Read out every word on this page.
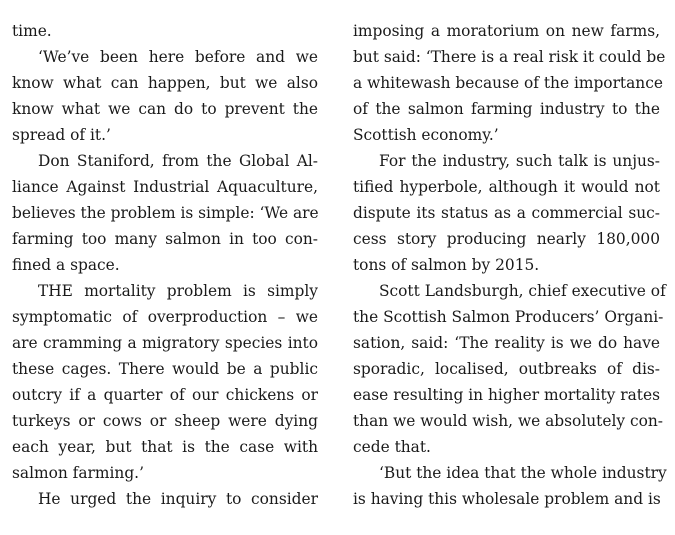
time.
‘We’ve been here before and we
know what can happen, but we also
know what we can do to prevent the
spread of it.’
Don Staniford, from the Global Al-
liance Against Industrial Aquaculture,
believes the problem is simple: ‘We are
farming too many salmon in too con-
fined a space.
THE mortality problem is simply
symptomatic of overproduction – we
are cramming a migratory species into
these cages. There would be a public
outcry if a quarter of our chickens or
turkeys or cows or sheep were dying
each year, but that is the case with
salmon farming.’
He urged the inquiry to consider
imposing a moratorium on new farms,
but said: ‘There is a real risk it could be
a whitewash because of the importance
of the salmon farming industry to the
Scottish economy.’
For the industry, such talk is unjus-
tified hyperbole, although it would not
dispute its status as a commercial suc-
cess story producing nearly 180,000
tons of salmon by 2015.
Scott Landsburgh, chief executive of
the Scottish Salmon Producers’ Organi-
sation, said: ‘The reality is we do have
sporadic, localised, outbreaks of dis-
ease resulting in higher mortality rates
than we would wish, we absolutely con-
cede that.
‘But the idea that the whole industry
is having this wholesale problem and is
